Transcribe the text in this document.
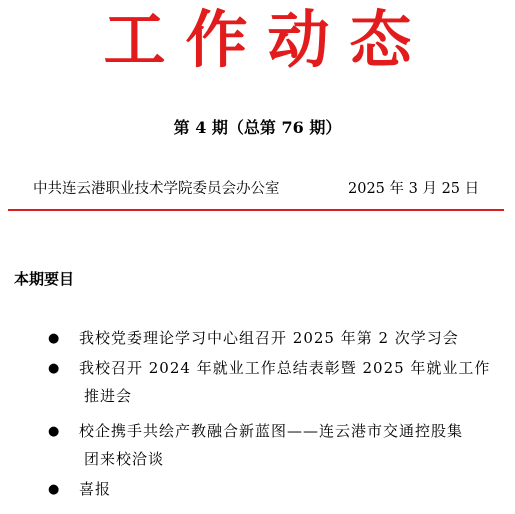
工作动态
第 4 期（总第 76 期）
中共连云港职业技术学院委员会办公室	2025 年 3 月 25 日
本期要目
● 我校党委理论学习中心组召开 2025 年第 2 次学习会
● 我校召开 2024 年就业工作总结表彰暨 2025 年就业工作
推进会
● 校企携手共绘产教融合新蓝图——连云港市交通控股集
团来校洽谈
● 喜报
